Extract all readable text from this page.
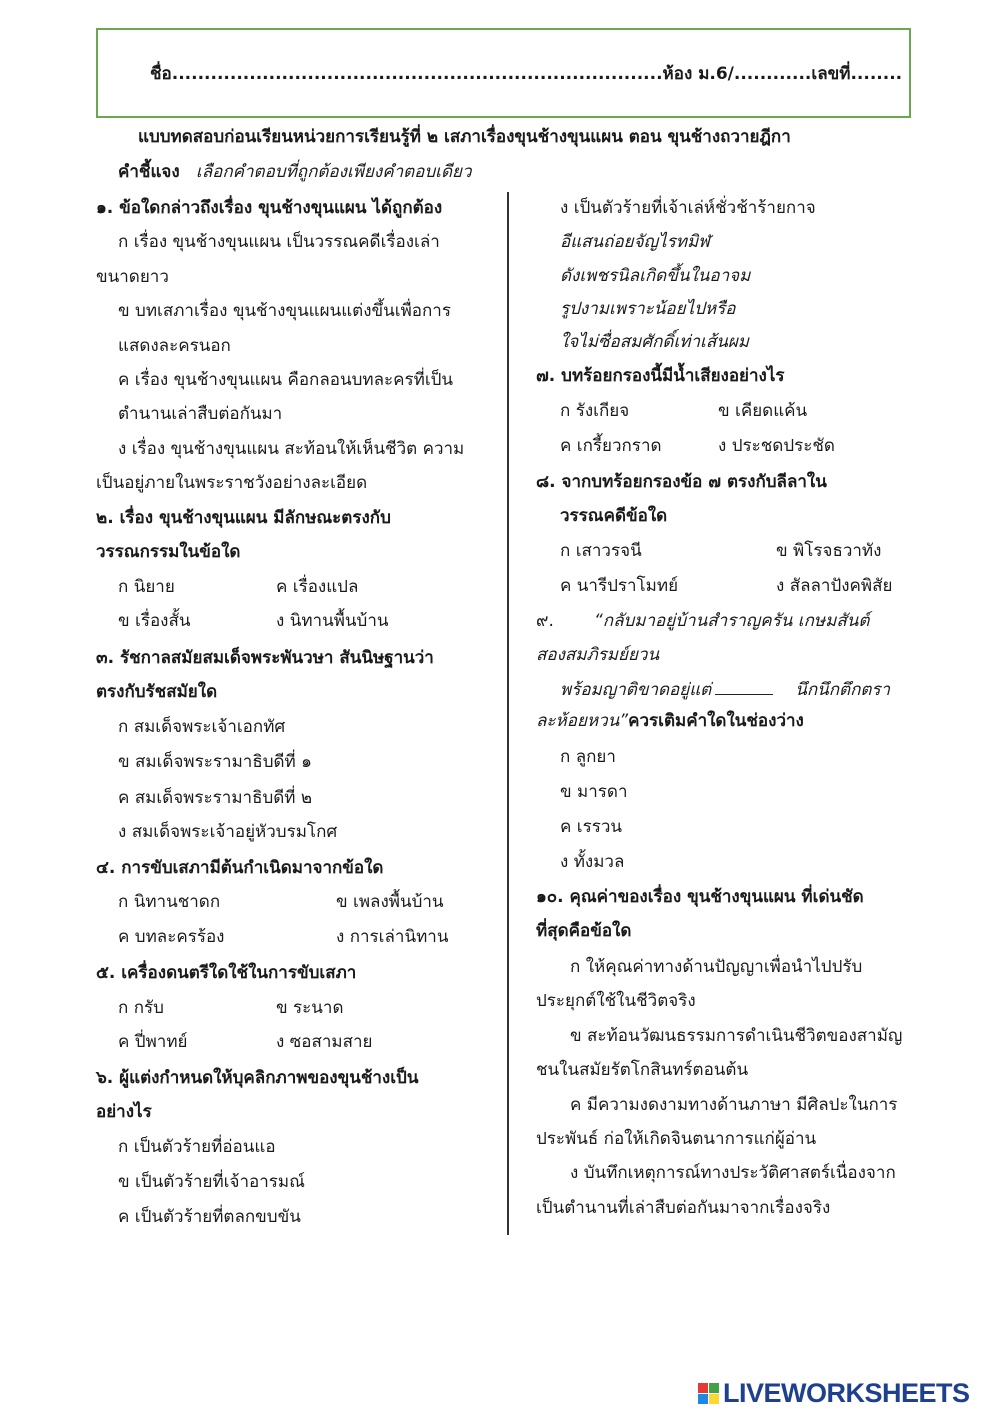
ชื่อ............................................................................ห้อง ม.6/............เลขที่........
แบบทดสอบก่อนเรียนหน่วยการเรียนรู้ที่ ๒ เสภาเรื่องขุนช้างขุนแผน ตอน ขุนช้างถวายฎีกา
คำชี้แจง เลือกคำตอบที่ถูกต้องเพียงคำตอบเดียว
๑. ข้อใดกล่าวถึงเรื่อง ขุนช้างขุนแผน ได้ถูกต้อง
ก เรื่อง ขุนช้างขุนแผน เป็นวรรณคดีเรื่องเล่า
ขนาดยาว
ข บทเสภาเรื่อง ขุนช้างขุนแผนแต่งขึ้นเพื่อการ
แสดงละครนอก
ค เรื่อง ขุนช้างขุนแผน คือกลอนบทละครที่เป็น
ตำนานเล่าสืบต่อกันมา
ง เรื่อง ขุนช้างขุนแผน สะท้อนให้เห็นชีวิต ความ
เป็นอยู่ภายในพระราชวังอย่างละเอียด
๒. เรื่อง ขุนช้างขุนแผน มีลักษณะตรงกับ
วรรณกรรมในข้อใด
ก นิยาย	ค เรื่องแปล
ข เรื่องสั้น	ง นิทานพื้นบ้าน
๓. รัชกาลสมัยสมเด็จพระพันวษา สันนิษฐานว่า
ตรงกับรัชสมัยใด
ก สมเด็จพระเจ้าเอกทัศ
ข สมเด็จพระรามาธิบดีที่ ๑
ค สมเด็จพระรามาธิบดีที่ ๒
ง สมเด็จพระเจ้าอยู่หัวบรมโกศ
๔. การขับเสภามีต้นกำเนิดมาจากข้อใด
ก นิทานชาดก	ข เพลงพื้นบ้าน
ค บทละครร้อง	ง การเล่านิทาน
๕. เครื่องดนตรีใดใช้ในการขับเสภา
ก กรับ	ข ระนาด
ค ปี่พาทย์	ง ซอสามสาย
๖. ผู้แต่งกำหนดให้บุคลิกภาพของขุนช้างเป็น
อย่างไร
ก เป็นตัวร้ายที่อ่อนแอ
ข เป็นตัวร้ายที่เจ้าอารมณ์
ค เป็นตัวร้ายที่ตลกขบขัน
ง เป็นตัวร้ายที่เจ้าเล่ห์ชั่วช้าร้ายกาจ
อีแสนถ่อยจัญไรทมิฬ
ดังเพชรนิลเกิดขึ้นในอาจม
รูปงามเพราะน้อยไปหรือ
ใจไม่ซื่อสมศักดิ์เท่าเส้นผม
๗. บทร้อยกรองนี้มีน้ำเสียงอย่างไร
ก รังเกียจ	ข เคียดแค้น
ค เกรี้ยวกราด	ง ประชดประชัด
๘. จากบทร้อยกรองข้อ ๗ ตรงกับลีลาใน
วรรณคดีข้อใด
ก เสาวรจนี	ข พิโรจธวาทัง
ค นารีปราโมทย์	ง สัลลาปังคพิสัย
๙. “กลับมาอยู่บ้านสำราญครัน เกษมสันต์
สองสมภิรมย์ยวน
พร้อมญาติขาดอยู่แต่	นึกนึกตึกตรา
ละห้อยหวน”ควรเติมคำใดในช่องว่าง
ก ลูกยา
ข มารดา
ค เรรวน
ง ทั้งมวล
๑๐. คุณค่าของเรื่อง ขุนช้างขุนแผน ที่เด่นชัด
ที่สุดคือข้อใด
ก ให้คุณค่าทางด้านปัญญาเพื่อนำไปปรับ
ประยุกต์ใช้ในชีวิตจริง
ข สะท้อนวัฒนธรรมการดำเนินชีวิตของสามัญ
ชนในสมัยรัตโกสินทร์ตอนต้น
ค มีความงดงามทางด้านภาษา มีศิลปะในการ
ประพันธ์ ก่อให้เกิดจินตนาการแก่ผู้อ่าน
ง บันทึกเหตุการณ์ทางประวัติศาสตร์เนื่องจาก
เป็นตำนานที่เล่าสืบต่อกันมาจากเรื่องจริง
LIVEWORKSHEETS
